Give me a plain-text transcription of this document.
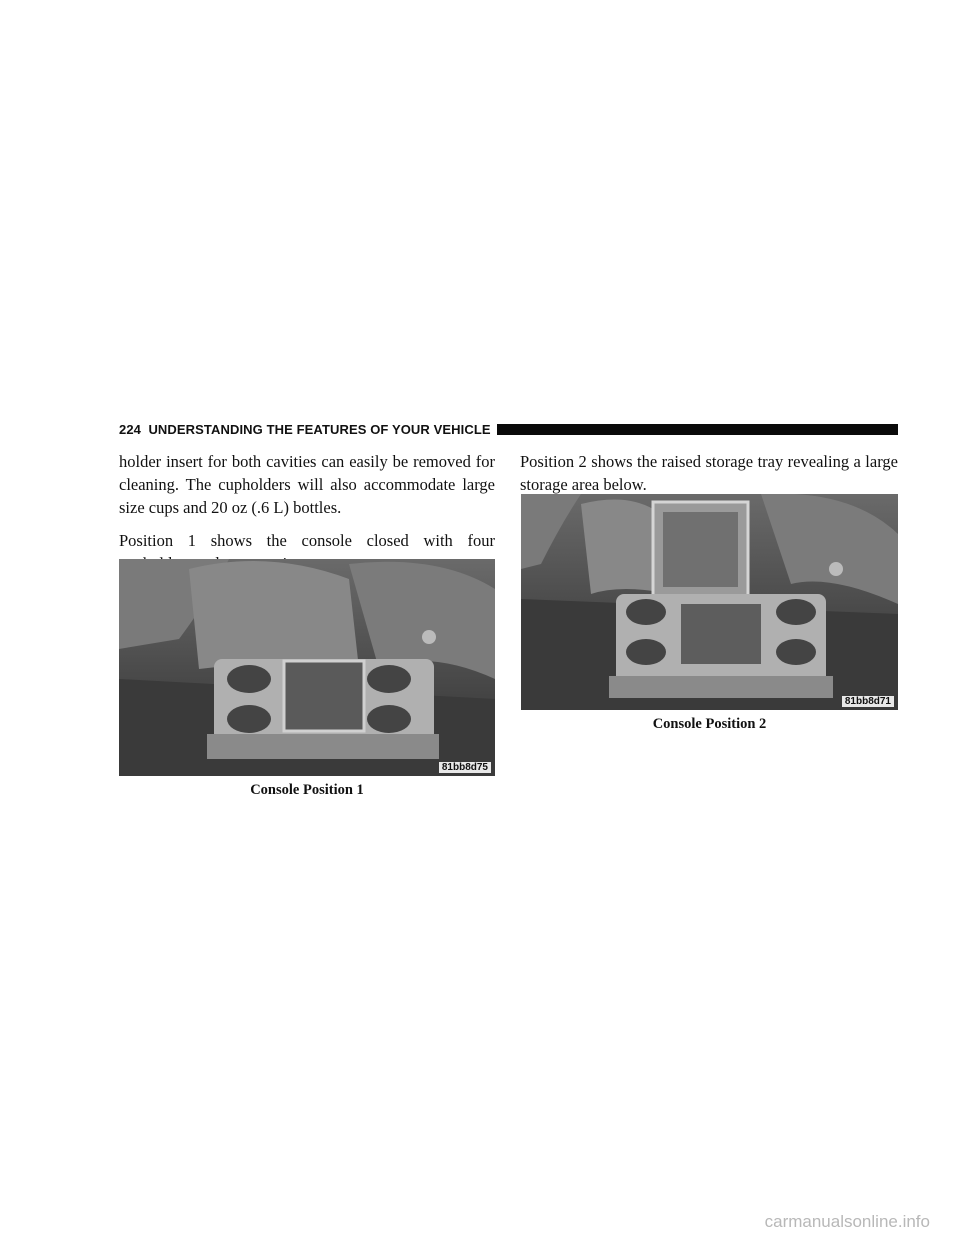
224 UNDERSTANDING THE FEATURES OF YOUR VEHICLE

holder insert for both cavities can easily be removed for cleaning. The cupholders will also accommodate large size cups and 20 oz (.6 L) bottles.

Position 1 shows the console closed with four

Position 2 shows the raised storage tray revealing a large storage area below.

81bb8d75
Console Position 1
81bb8d71
Console Position 2
carmanualsonline.info
